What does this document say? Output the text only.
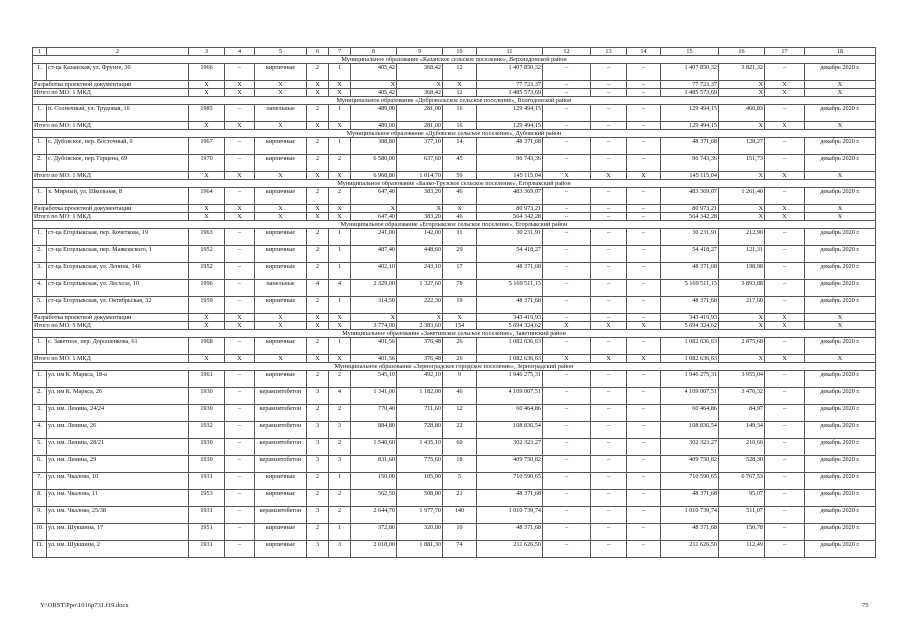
1	2	3	4	5	6	7	8	9	10	11	12	13	14	15	16	17	18
Муниципальное образование «Казанское сельское поселение», Верхнедонской район																	
1.	ст-ца Казанская, ул. Фрунзе, 30	1966	–	кирпичные	2	1	405,42	368,42	12	1 407 850,32	–	–	–	1 407 850,32	3 821,32	–	декабрь 2020 г.
Разработка проектной документации		Х	Х	Х	Х	Х	Х	Х	Х	77 723,37	–	–	–	77 723,37	Х	Х	Х
Итого по МО: 1 МКД		Х	Х	Х	Х	Х	405,42	368,42	12	1 485 573,69	–	–	–	1 485 573,69	Х	Х	Х
Муниципальное образование «Добровольское сельское поселение», Волгодонской район																	
1.	п. Солнечный, ул. Трудовая, 16	1985	–	панельные	2	1	489,00	281,00	16	129 494,15	–	–	–	129 494,15	460,83	–	декабрь 2020 г.
Итого по МО: 1 МКД		Х	Х	Х	Х	Х	489,00	281,00	16	129 494,15	–	–	–	129 494,15	Х	Х	Х
Муниципальное образование «Дубовское сельское поселение», Дубовский район																	
1.	с. Дубовское, пер. Восточный, 9	1967	–	кирпичные	2	1	388,80	377,10	14	48 371,68	–	–	–	48 371,68	128,27	–	декабрь 2020 г.
2.	с. Дубовское, пер. Герцена, 69	1970	–	кирпичные	2	2	6 580,00	637,60	45	96 743,36	–	–	–	96 743,36	151,73	–	декабрь 2020 г.
Итого по МО: 1 МКД		Х	Х	Х	Х	Х	6 968,80	1 014,70	59	145 115,04	Х	Х	Х	145 115,04	Х	Х	Х
Муниципальное образование «Балко-Грузское сельское поселение», Егорлыкский район																	
1.	х. Мирный, ул. Школьная, 8	1964	–	кирпичные	2	2	647,40	383,20	46	483 369,07	–	–	–	483 369,07	1 261,40	–	декабрь 2020 г.
Разработка проектной документации		Х	Х	Х	Х	Х	Х	Х	Х	80 973,21	–	–	–	80 973,21	Х	Х	Х
Итого по МО: 1 МКД		Х	Х	Х	Х	Х	647,40	383,20	46	564 342,28	–	–	–	564 342,28	Х	Х	Х
Муниципальное образование «Егорлыкское сельское поселение», Егорлыкский район																	
1.	ст-ца Егорлыкская, пер. Кочеткова, 19	1963	–	кирпичные	2	1	241,00	142,00	11	30 231,91	–	–	–	30 231,91	212,90	–	декабрь 2020 г.
2.	ст-ца Егорлыкская, пер. Маяковского, 1	1952	–	кирпичные	2	1	487,40	448,60	29	54 418,27	–	–	–	54 418,27	121,31	–	декабрь 2020 г.
3.	ст-ца Егорлыкская, ул. Ленина, 146	1952	–	кирпичные	2	1	402,10	243,10	17	48 371,68	–	–	–	48 371,68	198,98	–	декабрь 2020 г.
4.	ст-ца Егорлыкская, ул. Лесхоза, 10	1996	–	панельные	4	4	2 329,00	1 327,60	78	5 169 511,15	–	–	–	5 169 511,15	3 893,88	–	декабрь 2020 г.
5.	ст-ца Егорлыкская, ул. Октябрьская, 32	1959	–	кирпичные	2	1	314,50	222,30	19	48 371,68	–	–	–	48 371,68	217,60	–	декабрь 2020 г.
Разработка проектной документации		Х	Х	Х	Х	Х	Х	Х	Х	343 419,93	–	–	–	343 419,93	Х	Х	Х
Итого по МО: 5 МКД		Х	Х	Х	Х	Х	3 774,00	2 383,60	154	5 694 324,62	Х	Х	Х	5 694 324,62	Х	Х	Х
Муниципальное образование «Заветинское сельское поселение», Заветинский район																	
1.	с. Заветное, пер. Дорошенкова, 61	1968	–	кирпичные	2	1	401,56	376,48	26	1 082 636,63	–	–	–	1 082 636,63	2 875,68	–	декабрь 2020 г.
Итого по МО: 1 МКД		Х	Х	Х	Х	Х	401,56	376,48	26	1 082 636,63	Х	Х	Х	1 082 636,63	Х	Х	Х
Муниципальное образование «Зерноградское городское поселение», Зерноградский район																	
1.	ул. им К. Маркса, 18-а	1961	–	кирпичные	2	2	545,10	492,10	9	1 946 275,31	–	–	–	1 946 275,31	3 955,04	–	декабрь 2020 г.
2.	ул. им К. Маркса, 26	1930	–	керамзитобетон	3	4	1 341,00	1 182,00	46	4 109 007,51	–	–	–	4 109 007,51	3 476,32	–	декабрь 2020 г.
3.	ул. им. Ленина, 24/24	1930	–	керамзитобетон	2	2	770,40	711,60	12	60 464,86	–	–	–	60 464,86	84,97	–	декабрь 2020 г.
4.	ул. им. Ленина, 26	1932	–	керамзитобетон	3	3	884,80	728,80	22	108 836,54	–	–	–	108 836,54	149,34	–	декабрь 2020 г.
5.	ул. им. Ленина, 28/21	1930	–	керамзитобетон	3	2	1 540,60	1 435,10	60	302 323,27	–	–	–	302 323,27	210,66	–	декабрь 2020 г.
6.	ул. им. Ленина, 29	1930	–	керамзитобетон	3	3	831,60	775,60	18	409 750,82	–	–	–	409 750,82	528,30	–	декабрь 2020 г.
7.	ул. им. Чкалова, 10	1931	–	кирпичные	2	1	150,00	105,00	5	710 590,65	–	–	–	710 590,65	6 767,53	–	декабрь 2020 г.
8.	ул. им. Чкалова, 11	1953	–	кирпичные	2	2	562,50	508,80	21	48 371,68	–	–	–	48 371,68	95,07	–	декабрь 2020 г.
9.	ул. им. Чкалова, 25/38	1931	–	керамзитобетон	3	2	2 644,70	1 977,70	140	1 010 739,74	–	–	–	1 010 739,74	511,07	–	декабрь 2020 г.
10.	ул. им. Шукшина, 17	1951	–	кирпичные	2	1	372,80	320,80	10	48 371,68	–	–	–	48 371,68	150,78	–	декабрь 2020 г.
11.	ул. им. Шукшина, 2	1931	–	кирпичные	3	3	2 018,00	1 881,30	74	211 626,50	–	–	–	211 626,50	112,49	–	декабрь 2020 г.
Y:\ORST\Ppo\1016p731.f19.docx	75
